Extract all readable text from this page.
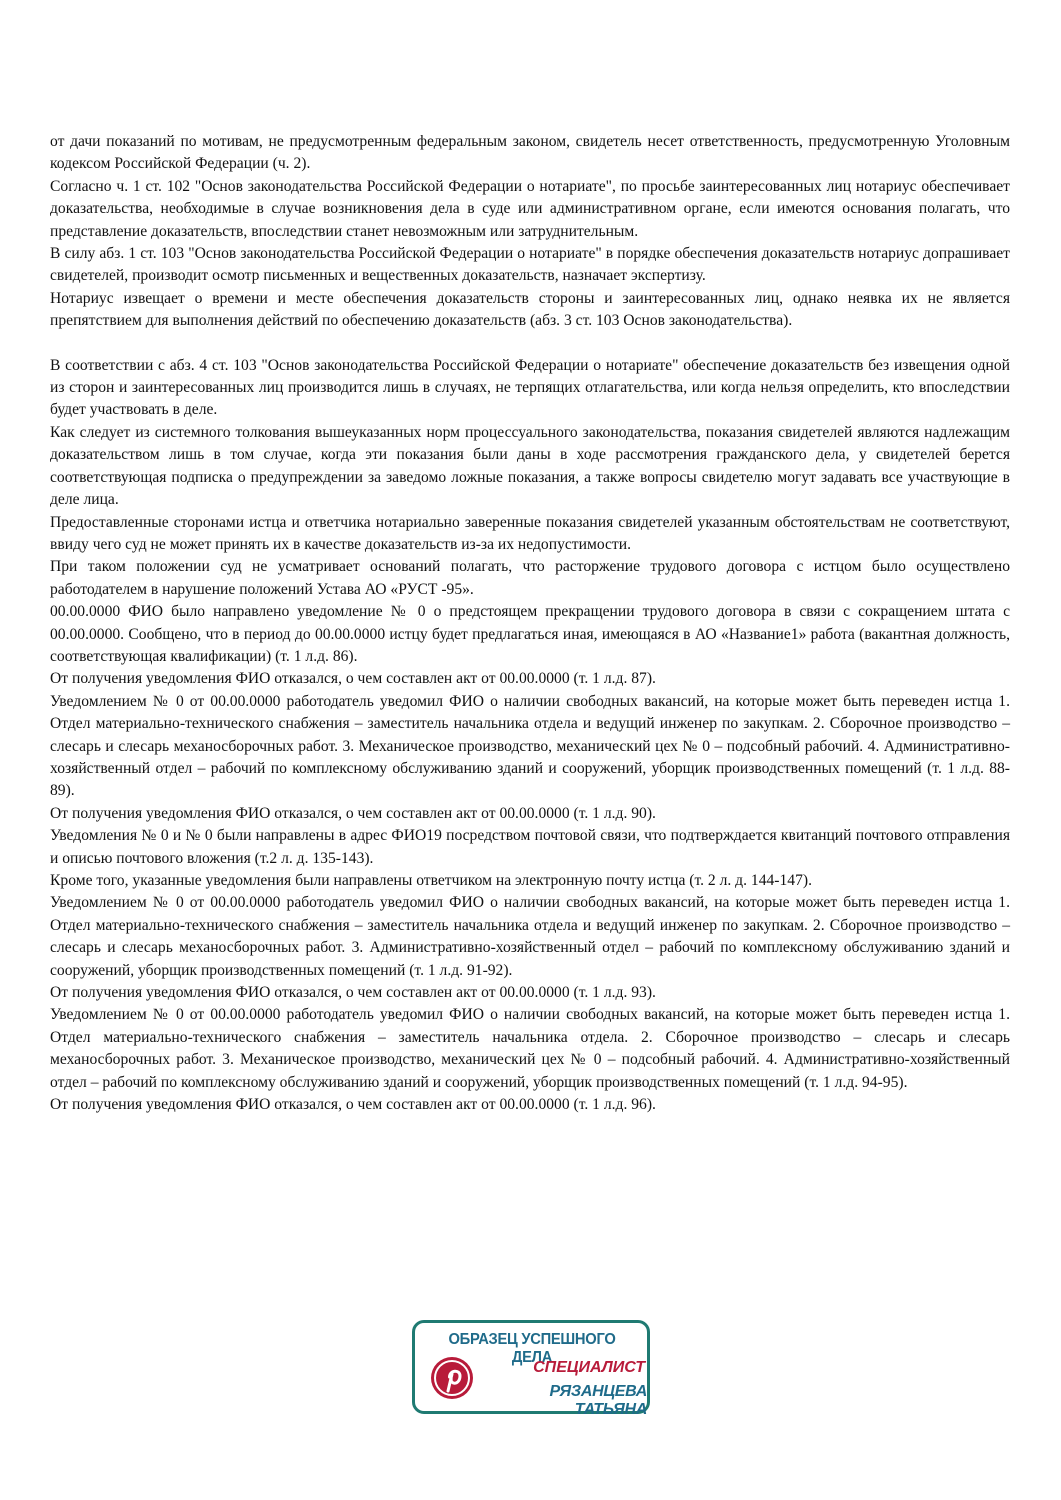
от дачи показаний по мотивам, не предусмотренным федеральным законом, свидетель несет ответственность, предусмотренную Уголовным кодексом Российской Федерации (ч. 2).

Согласно ч. 1 ст. 102 "Основ законодательства Российской Федерации о нотариате", по просьбе заинтересованных лиц нотариус обеспечивает доказательства, необходимые в случае возникновения дела в суде или административном органе, если имеются основания полагать, что представление доказательств, впоследствии станет невозможным или затруднительным.

В силу абз. 1 ст. 103 "Основ законодательства Российской Федерации о нотариате" в порядке обеспечения доказательств нотариус допрашивает свидетелей, производит осмотр письменных и вещественных доказательств, назначает экспертизу.

Нотариус извещает о времени и месте обеспечения доказательств стороны и заинтересованных лиц, однако неявка их не является препятствием для выполнения действий по обеспечению доказательств (абз. 3 ст. 103 Основ законодательства).

В соответствии с абз. 4 ст. 103 "Основ законодательства Российской Федерации о нотариате" обеспечение доказательств без извещения одной из сторон и заинтересованных лиц производится лишь в случаях, не терпящих отлагательства, или когда нельзя определить, кто впоследствии будет участвовать в деле.

Как следует из системного толкования вышеуказанных норм процессуального законодательства, показания свидетелей являются надлежащим доказательством лишь в том случае, когда эти показания были даны в ходе рассмотрения гражданского дела, у свидетелей берется соответствующая подписка о предупреждении за заведомо ложные показания, а также вопросы свидетелю могут задавать все участвующие в деле лица.

Предоставленные сторонами истца и ответчика нотариально заверенные показания свидетелей указанным обстоятельствам не соответствуют, ввиду чего суд не может принять их в качестве доказательств из-за их недопустимости.

При таком положении суд не усматривает оснований полагать, что расторжение трудового договора с истцом было осуществлено работодателем в нарушение положений Устава АО «РУСТ -95».

00.00.0000 ФИО было направлено уведомление № 0 о предстоящем прекращении трудового договора в связи с сокращением штата с 00.00.0000. Сообщено, что в период до 00.00.0000 истцу будет предлагаться иная, имеющаяся в АО «Название1» работа (вакантная должность, соответствующая квалификации) (т. 1 л.д. 86).

От получения уведомления ФИО отказался, о чем составлен акт от 00.00.0000 (т. 1 л.д. 87).

Уведомлением № 0 от 00.00.0000 работодатель уведомил ФИО о наличии свободных вакансий, на которые может быть переведен истца 1. Отдел материально-технического снабжения – заместитель начальника отдела и ведущий инженер по закупкам. 2. Сборочное производство – слесарь и слесарь механосборочных работ. 3. Механическое производство, механический цех № 0 – подсобный рабочий. 4. Административно-хозяйственный отдел – рабочий по комплексному обслуживанию зданий и сооружений, уборщик производственных помещений (т. 1 л.д. 88-89).

От получения уведомления ФИО отказался, о чем составлен акт от 00.00.0000 (т. 1 л.д. 90).

Уведомления № 0 и № 0 были направлены в адрес ФИО19 посредством почтовой связи, что подтверждается квитанций почтового отправления и описью почтового вложения (т.2 л. д. 135-143).

Кроме того, указанные уведомления были направлены ответчиком на электронную почту истца (т. 2 л. д. 144-147).

Уведомлением № 0 от 00.00.0000 работодатель уведомил ФИО о наличии свободных вакансий, на которые может быть переведен истца 1. Отдел материально-технического снабжения – заместитель начальника отдела и ведущий инженер по закупкам. 2. Сборочное производство – слесарь и слесарь механосборочных работ. 3. Административно-хозяйственный отдел – рабочий по комплексному обслуживанию зданий и сооружений, уборщик производственных помещений (т. 1 л.д. 91-92).

От получения уведомления ФИО отказался, о чем составлен акт от 00.00.0000 (т. 1 л.д. 93).

Уведомлением № 0 от 00.00.0000 работодатель уведомил ФИО о наличии свободных вакансий, на которые может быть переведен истца 1. Отдел материально-технического снабжения – заместитель начальника отдела. 2. Сборочное производство – слесарь и слесарь механосборочных работ. 3. Механическое производство, механический цех № 0 – подсобный рабочий. 4. Административно-хозяйственный отдел – рабочий по комплексному обслуживанию зданий и сооружений, уборщик производственных помещений (т. 1 л.д. 94-95).

От получения уведомления ФИО отказался, о чем составлен акт от 00.00.0000 (т. 1 л.д. 96).

ОБРАЗЕЦ УСПЕШНОГО ДЕЛА
СПЕЦИАЛИСТ
РЯЗАНЦЕВА ТАТЬЯНА
